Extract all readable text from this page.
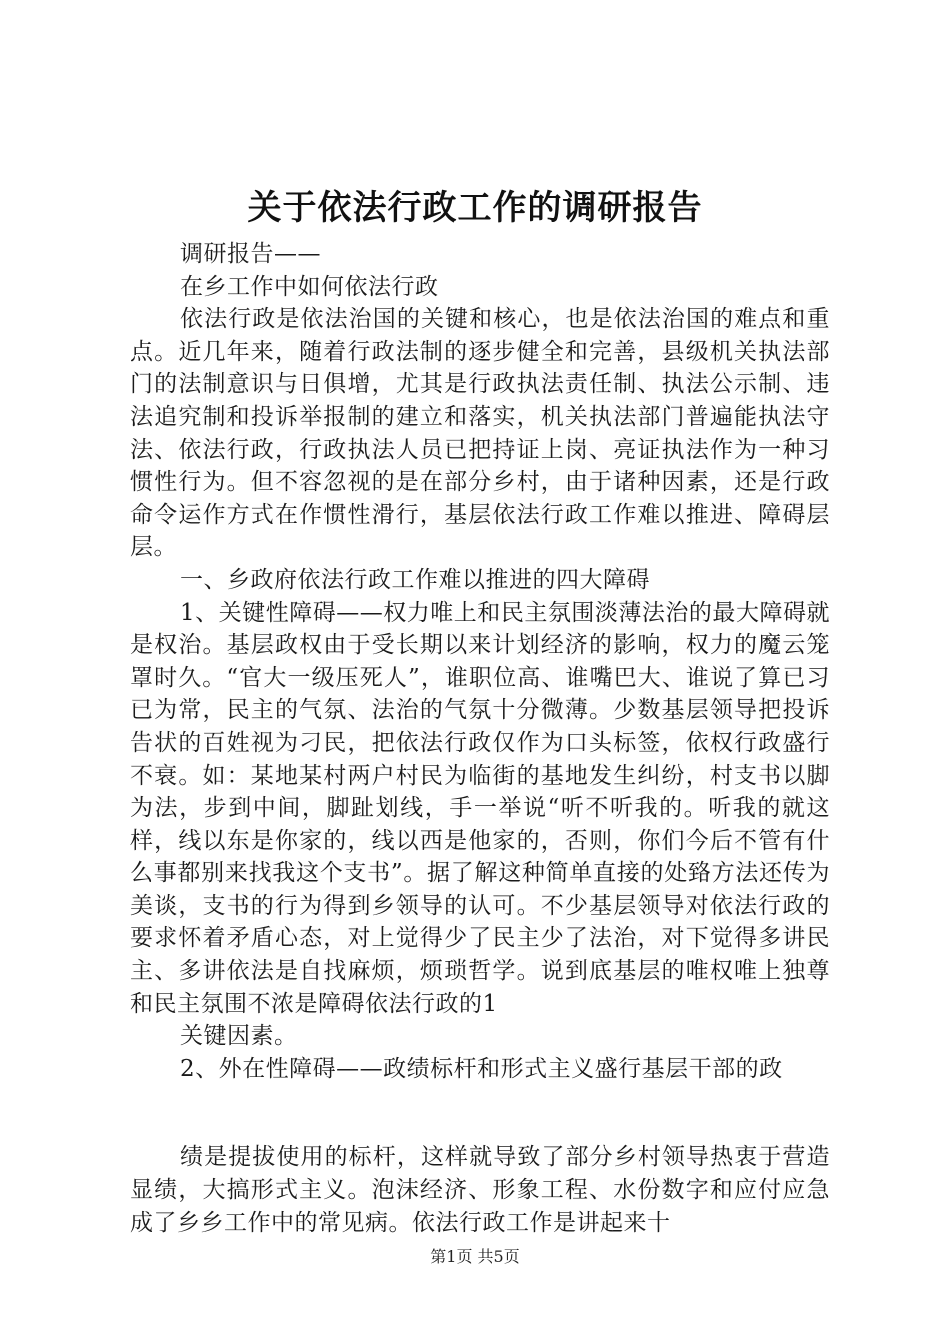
关于依法行政工作的调研报告

调研报告——

在乡工作中如何依法行政

依法行政是依法治国的关键和核心，也是依法治国的难点和重点。近几年来，随着行政法制的逐步健全和完善，县级机关执法部门的法制意识与日俱增，尤其是行政执法责任制、执法公示制、违法追究制和投诉举报制的建立和落实，机关执法部门普遍能执法守法、依法行政，行政执法人员已把持证上岗、亮证执法作为一种习惯性行为。但不容忽视的是在部分乡村，由于诸种因素，还是行政命令运作方式在作惯性滑行，基层依法行政工作难以推进、障碍层层。

一、乡政府依法行政工作难以推进的四大障碍

1、关键性障碍——权力唯上和民主氛围淡薄法治的最大障碍就是权治。基层政权由于受长期以来计划经济的影响，权力的魔云笼罩时久。“官大一级压死人”，谁职位高、谁嘴巴大、谁说了算已习已为常，民主的气氛、法治的气氛十分微薄。少数基层领导把投诉告状的百姓视为刁民，把依法行政仅作为口头标签，依权行政盛行不衰。如：某地某村两户村民为临街的基地发生纠纷，村支书以脚为法，步到中间，脚趾划线，手一举说“听不听我的。听我的就这样，线以东是你家的，线以西是他家的，否则，你们今后不管有什么事都别来找我这个支书”。据了解这种简单直接的处臵方法还传为美谈，支书的行为得到乡领导的认可。不少基层领导对依法行政的要求怀着矛盾心态，对上觉得少了民主少了法治，对下觉得多讲民主、多讲依法是自找麻烦，烦琐哲学。说到底基层的唯权唯上独尊和民主氛围不浓是障碍依法行政的1

关键因素。

2、外在性障碍——政绩标杆和形式主义盛行基层干部的政

绩是提拔使用的标杆，这样就导致了部分乡村领导热衷于营造显绩，大搞形式主义。泡沫经济、形象工程、水份数字和应付应急成了乡乡工作中的常见病。依法行政工作是讲起来十

第1页 共5页
